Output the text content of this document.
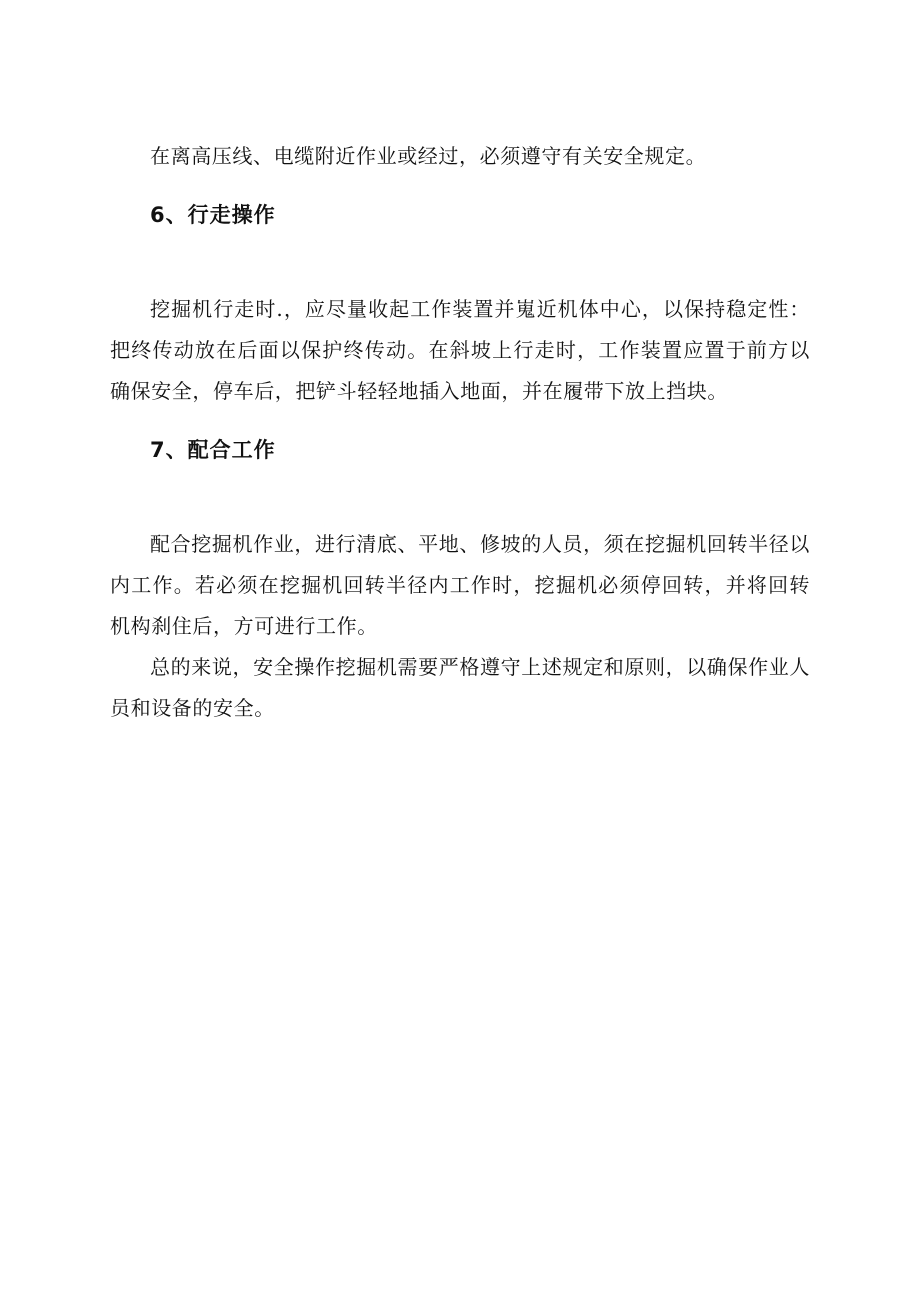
在离高压线、电缆附近作业或经过，必须遵守有关安全规定。

6、行走操作

挖掘机行走时.，应尽量收起工作装置并嵬近机体中心，以保持稳定性：把终传动放在后面以保护终传动。在斜坡上行走时，工作装置应置于前方以确保安全，停车后，把铲斗轻轻地插入地面，并在履带下放上挡块。

7、配合工作

配合挖掘机作业，进行清底、平地、修坡的人员，须在挖掘机回转半径以内工作。若必须在挖掘机回转半径内工作时，挖掘机必须停回转，并将回转机构刹住后，方可进行工作。

总的来说，安全操作挖掘机需要严格遵守上述规定和原则，以确保作业人员和设备的安全。
